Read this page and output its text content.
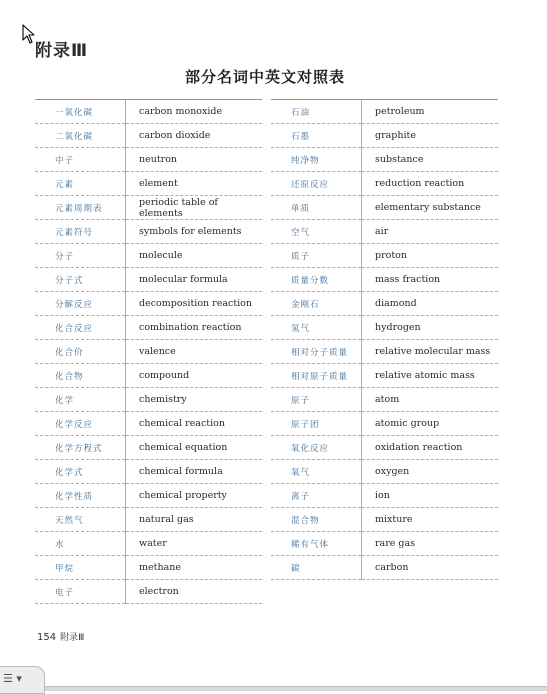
附录Ⅲ
部分名词中英文对照表
一氧化碳	carbon monoxide
二氧化碳	carbon dioxide
中子	neutron
元素	element
元素周期表	periodic table of elements
元素符号	symbols for elements
分子	molecule
分子式	molecular formula
分解反应	decomposition reaction
化合反应	combination reaction
化合价	valence
化合物	compound
化学	chemistry
化学反应	chemical reaction
化学方程式	chemical equation
化学式	chemical formula
化学性质	chemical property
天然气	natural gas
水	water
甲烷	methane
电子	electron
石油	petroleum
石墨	graphite
纯净物	substance
还原反应	reduction reaction
单质	elementary substance
空气	air
质子	proton
质量分数	mass fraction
金刚石	diamond
氢气	hydrogen
相对分子质量	relative molecular mass
相对原子质量	relative atomic mass
原子	atom
原子团	atomic group
氧化反应	oxidation reaction
氧气	oxygen
离子	ion
混合物	mixture
稀有气体	rare gas
碳	carbon
154 附录Ⅲ
☰ ▾
